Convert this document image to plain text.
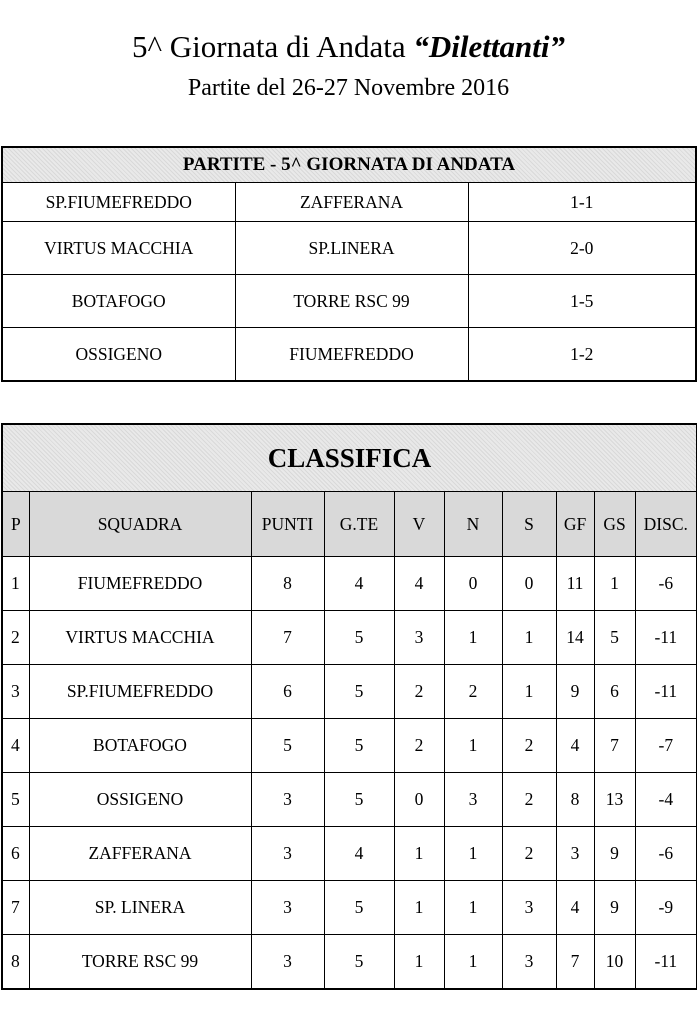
5^ Giornata di Andata “Dilettanti”
Partite del 26-27 Novembre 2016
PARTITE - 5^ GIORNATA DI ANDATA		
SP.FIUMEFREDDO	ZAFFERANA	1-1
VIRTUS MACCHIA	SP.LINERA	2-0
BOTAFOGO	TORRE RSC 99	1-5
OSSIGENO	FIUMEFREDDO	1-2
CLASSIFICA									
P	SQUADRA	PUNTI	G.TE	V	N	S	GF	GS	DISC.
1	FIUMEFREDDO	8	4	4	0	0	11	1	-6
2	VIRTUS MACCHIA	7	5	3	1	1	14	5	-11
3	SP.FIUMEFREDDO	6	5	2	2	1	9	6	-11
4	BOTAFOGO	5	5	2	1	2	4	7	-7
5	OSSIGENO	3	5	0	3	2	8	13	-4
6	ZAFFERANA	3	4	1	1	2	3	9	-6
7	SP. LINERA	3	5	1	1	3	4	9	-9
8	TORRE RSC 99	3	5	1	1	3	7	10	-11
